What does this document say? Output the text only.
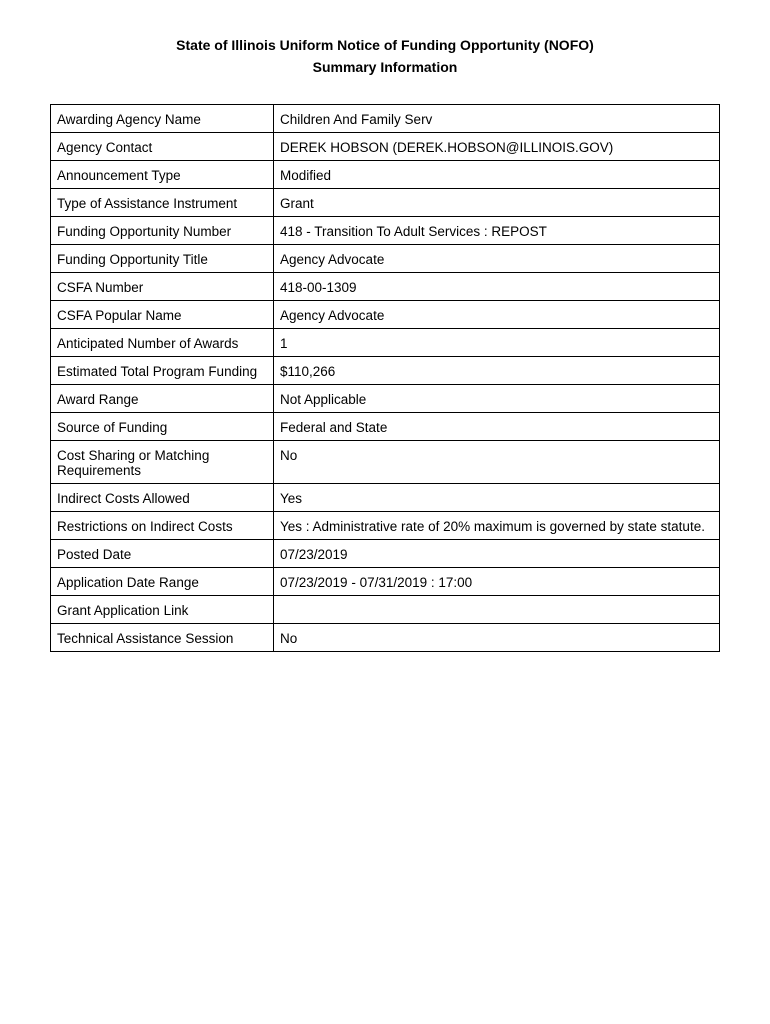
State of Illinois Uniform Notice of Funding Opportunity (NOFO)
Summary Information
Awarding Agency Name	Children And Family Serv
Agency Contact	DEREK HOBSON (DEREK.HOBSON@ILLINOIS.GOV)
Announcement Type	Modified
Type of Assistance Instrument	Grant
Funding Opportunity Number	418 - Transition To Adult Services : REPOST
Funding Opportunity Title	Agency Advocate
CSFA Number	418-00-1309
CSFA Popular Name	Agency Advocate
Anticipated Number of Awards	1
Estimated Total Program Funding	$110,266
Award Range	Not Applicable
Source of Funding	Federal and State
Cost Sharing or Matching Requirements	No
Indirect Costs Allowed	Yes
Restrictions on Indirect Costs	Yes : Administrative rate of 20% maximum is governed by state statute.
Posted Date	07/23/2019
Application Date Range	07/23/2019 - 07/31/2019 : 17:00
Grant Application Link	
Technical Assistance Session	No
